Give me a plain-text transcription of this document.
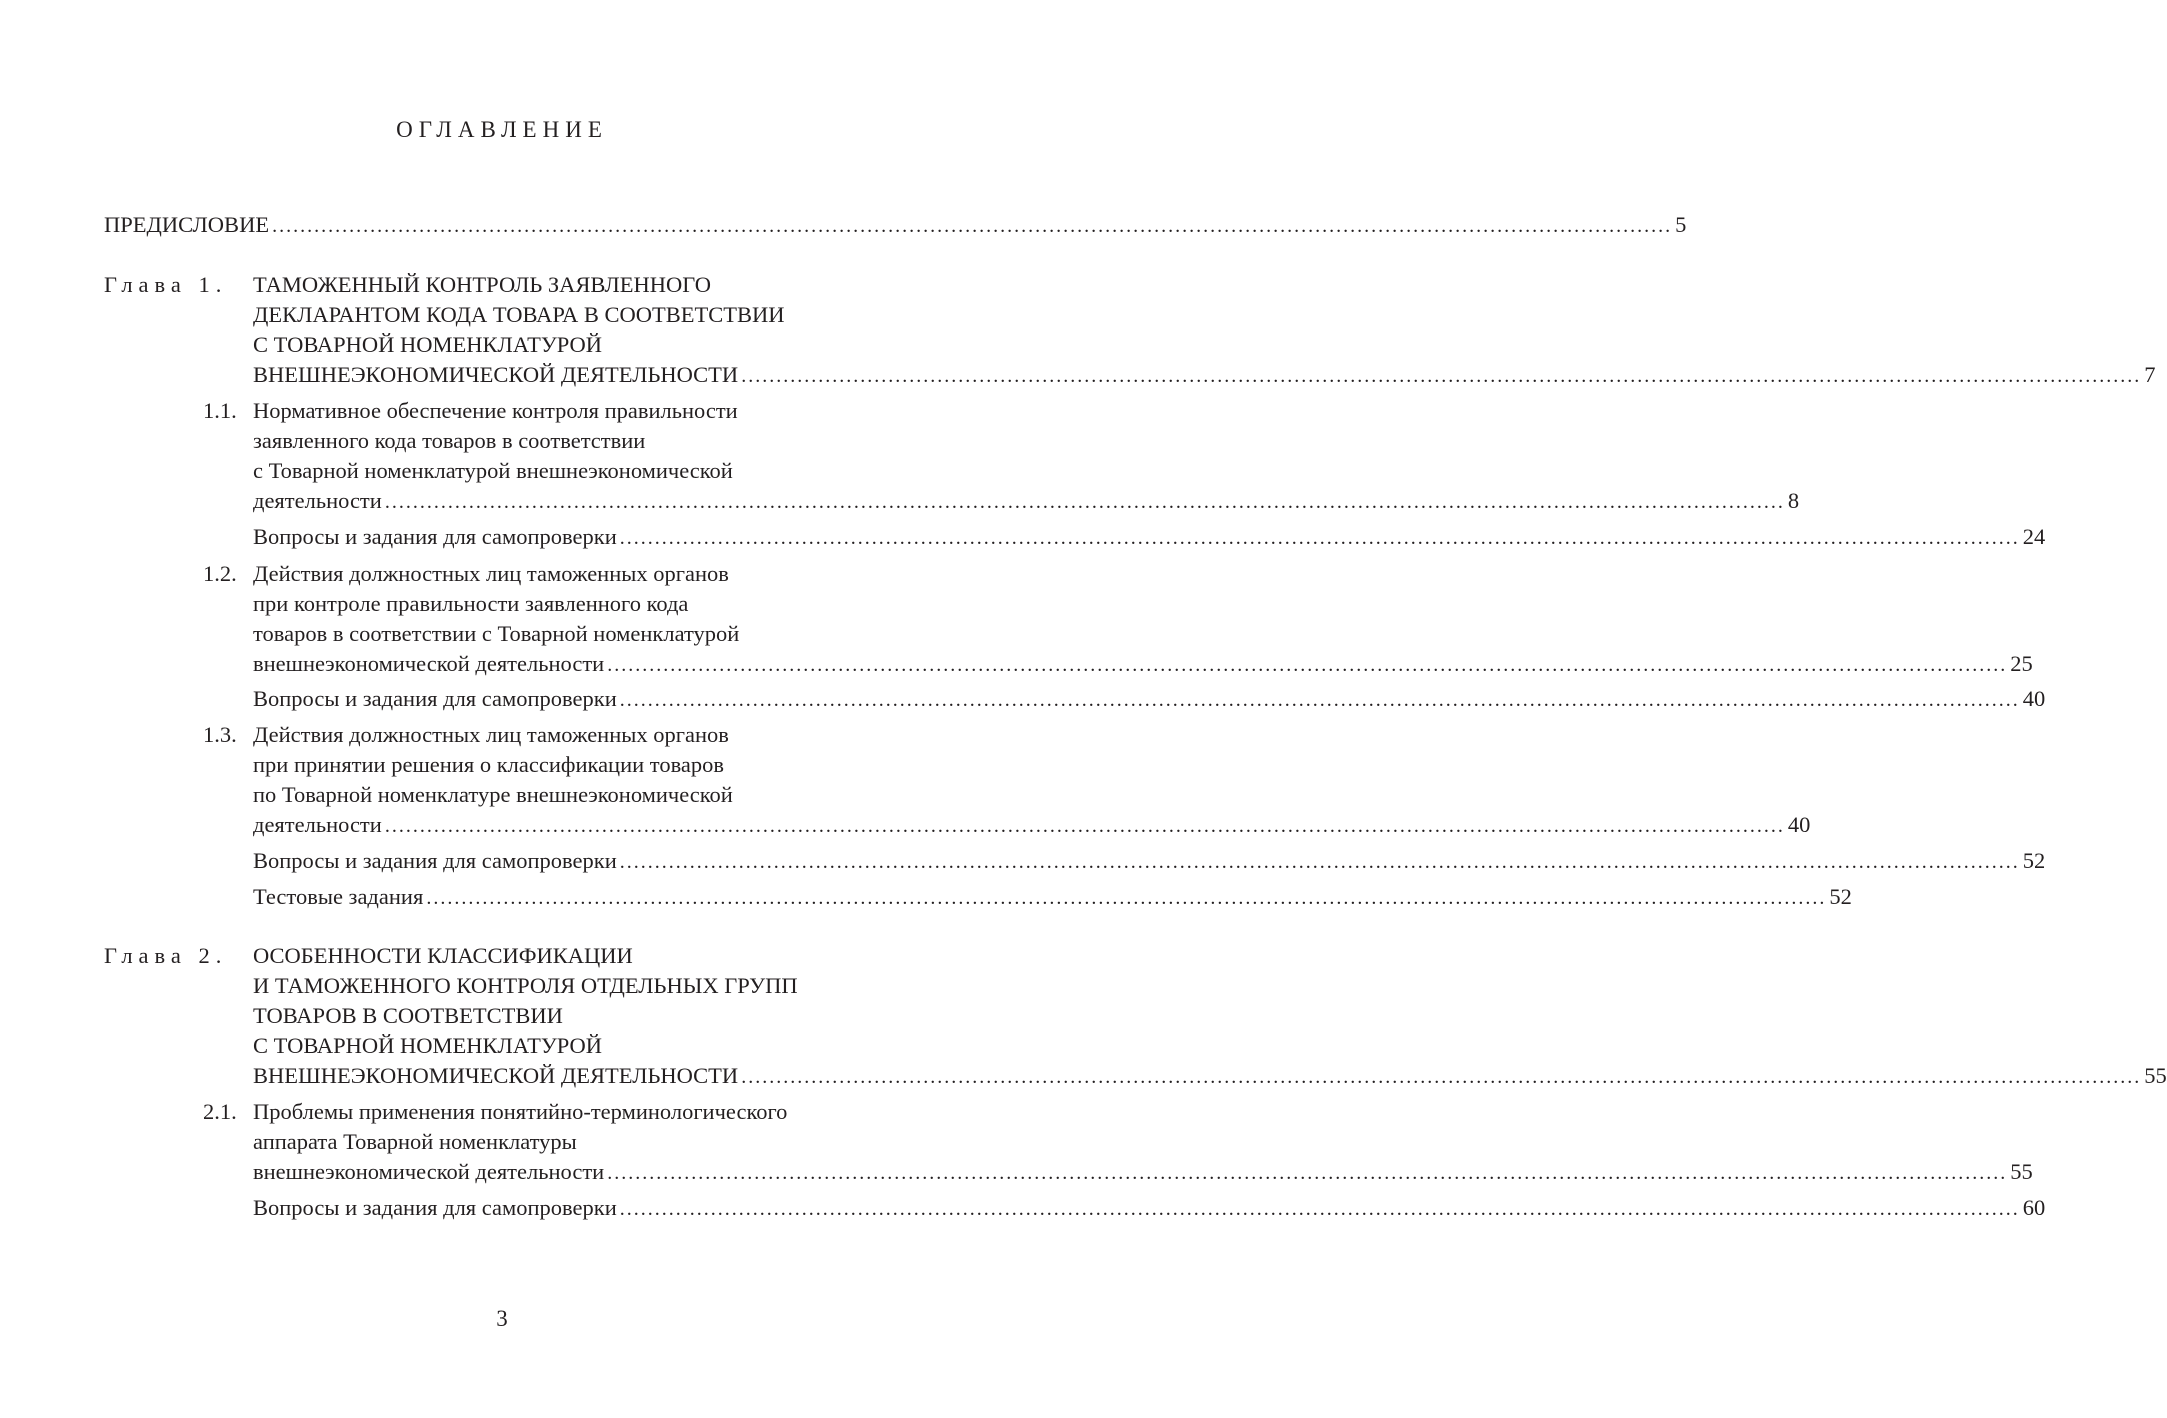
ОГЛАВЛЕНИЕ
ПРЕДИСЛОВИЕ ........................................................................................................................................................................................................ 5
Глава 1. ТАМОЖЕННЫЙ КОНТРОЛЬ ЗАЯВЛЕННОГО
ДЕКЛАРАНТОМ КОДА ТОВАРА В СООТВЕТСТВИИ
С ТОВАРНОЙ НОМЕНКЛАТУРОЙ
ВНЕШНЕЭКОНОМИЧЕСКОЙ ДЕЯТЕЛЬНОСТИ ........................................................................................................................................................................................................ 7
1.1. Нормативное обеспечение контроля правильности
заявленного кода товаров в соответствии
с Товарной номенклатурой внешнеэкономической
деятельности ........................................................................................................................................................................................................ 8
Вопросы и задания для самопроверки ........................................................................................................................................................................................................ 24
1.2. Действия должностных лиц таможенных органов
при контроле правильности заявленного кода
товаров в соответствии с Товарной номенклатурой
внешнеэкономической деятельности ........................................................................................................................................................................................................ 25
Вопросы и задания для самопроверки ........................................................................................................................................................................................................ 40
1.3. Действия должностных лиц таможенных органов
при принятии решения о классификации товаров
по Товарной номенклатуре внешнеэкономической
деятельности ........................................................................................................................................................................................................ 40
Вопросы и задания для самопроверки ........................................................................................................................................................................................................ 52
Тестовые задания ........................................................................................................................................................................................................ 52
Глава 2. ОСОБЕННОСТИ КЛАССИФИКАЦИИ
И ТАМОЖЕННОГО КОНТРОЛЯ ОТДЕЛЬНЫХ ГРУПП
ТОВАРОВ В СООТВЕТСТВИИ
С ТОВАРНОЙ НОМЕНКЛАТУРОЙ
ВНЕШНЕЭКОНОМИЧЕСКОЙ ДЕЯТЕЛЬНОСТИ ........................................................................................................................................................................................................ 55
2.1. Проблемы применения понятийно-терминологического
аппарата Товарной номенклатуры
внешнеэкономической деятельности ........................................................................................................................................................................................................ 55
Вопросы и задания для самопроверки ........................................................................................................................................................................................................ 60
3
